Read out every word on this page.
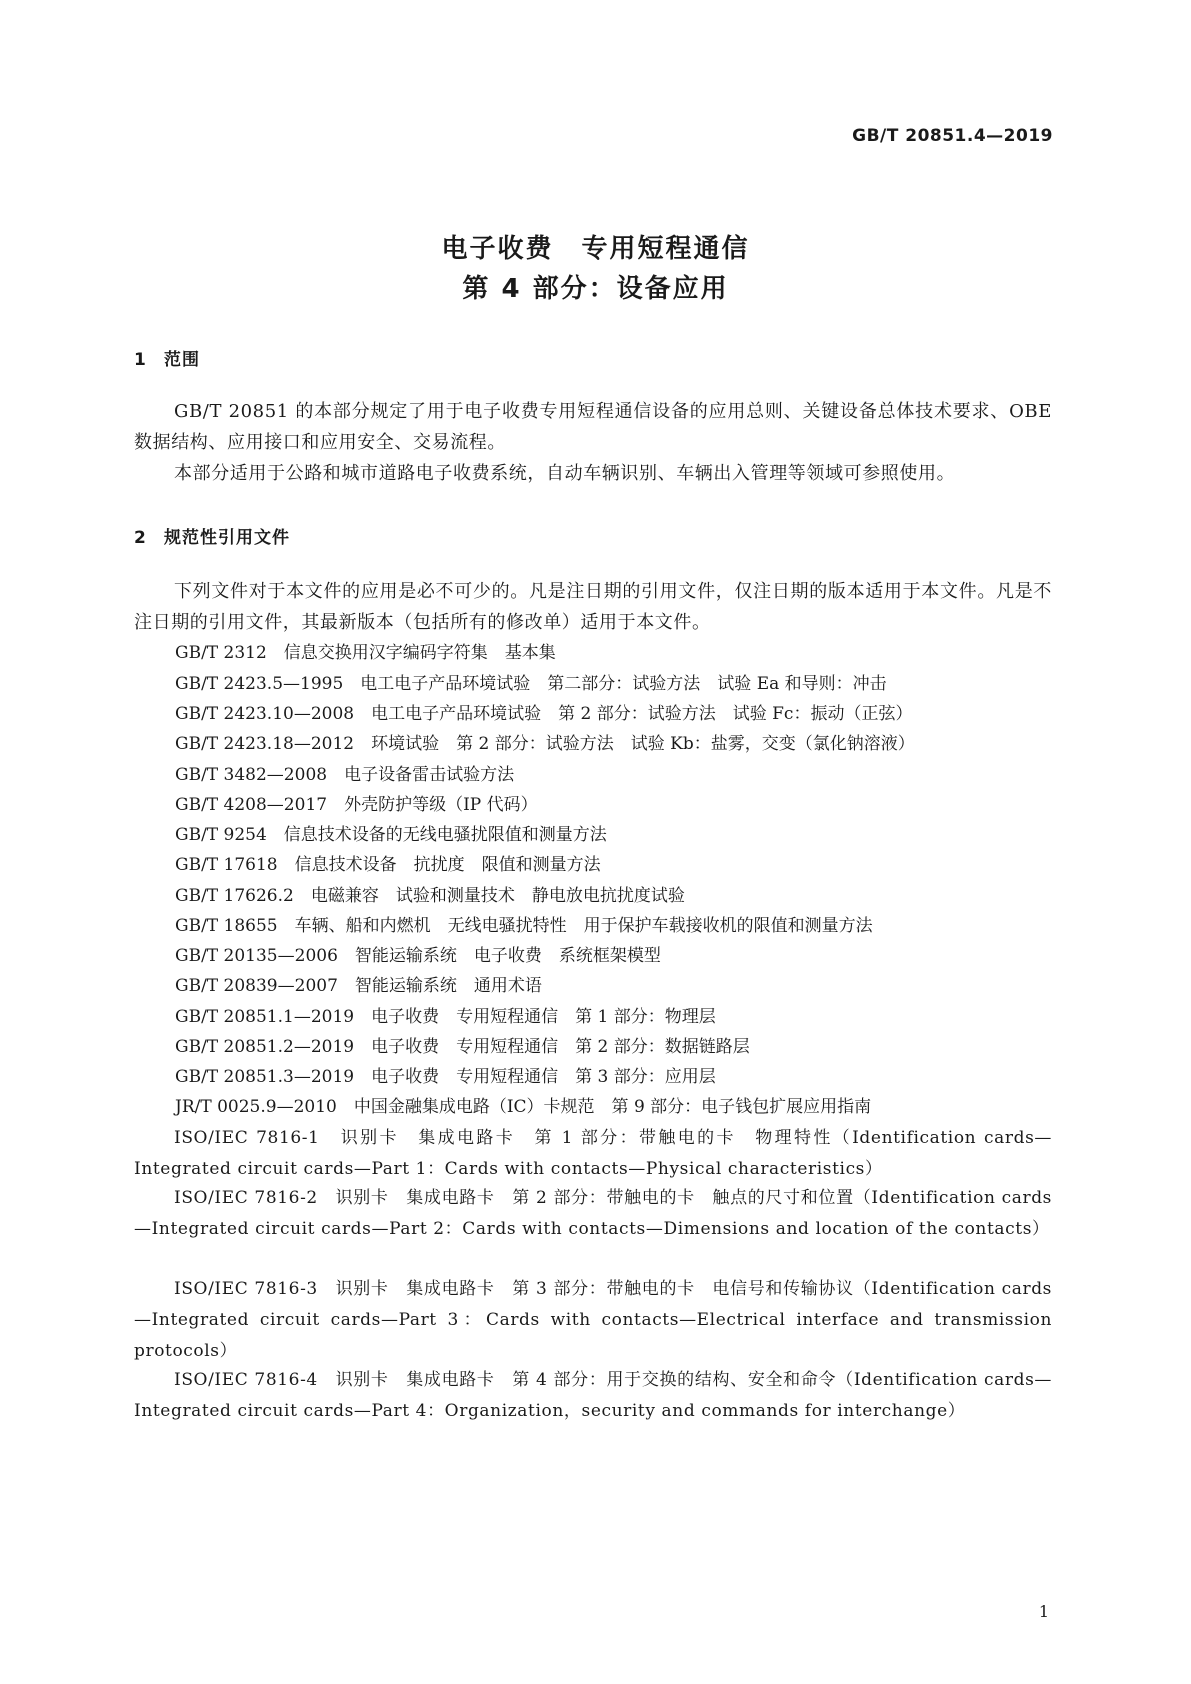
GB/T 20851.4—2019
电子收费　专用短程通信
第 4 部分：设备应用
1 范围
GB/T 20851 的本部分规定了用于电子收费专用短程通信设备的应用总则、关键设备总体技术要求、OBE 数据结构、应用接口和应用安全、交易流程。
本部分适用于公路和城市道路电子收费系统，自动车辆识别、车辆出入管理等领域可参照使用。
2 规范性引用文件
下列文件对于本文件的应用是必不可少的。凡是注日期的引用文件，仅注日期的版本适用于本文件。凡是不注日期的引用文件，其最新版本（包括所有的修改单）适用于本文件。
GB/T 2312　信息交换用汉字编码字符集　基本集
GB/T 2423.5—1995　电工电子产品环境试验　第二部分：试验方法　试验 Ea 和导则：冲击
GB/T 2423.10—2008　电工电子产品环境试验　第 2 部分：试验方法　试验 Fc：振动（正弦）
GB/T 2423.18—2012　环境试验　第 2 部分：试验方法　试验 Kb：盐雾，交变（氯化钠溶液）
GB/T 3482—2008　电子设备雷击试验方法
GB/T 4208—2017　外壳防护等级（IP 代码）
GB/T 9254　信息技术设备的无线电骚扰限值和测量方法
GB/T 17618　信息技术设备　抗扰度　限值和测量方法
GB/T 17626.2　电磁兼容　试验和测量技术　静电放电抗扰度试验
GB/T 18655　车辆、船和内燃机　无线电骚扰特性　用于保护车载接收机的限值和测量方法
GB/T 20135—2006　智能运输系统　电子收费　系统框架模型
GB/T 20839—2007　智能运输系统　通用术语
GB/T 20851.1—2019　电子收费　专用短程通信　第 1 部分：物理层
GB/T 20851.2—2019　电子收费　专用短程通信　第 2 部分：数据链路层
GB/T 20851.3—2019　电子收费　专用短程通信　第 3 部分：应用层
JR/T 0025.9—2010　中国金融集成电路（IC）卡规范　第 9 部分：电子钱包扩展应用指南
ISO/IEC 7816-1　识别卡　集成电路卡　第 1 部分：带触电的卡　物理特性（Identification cards—Integrated circuit cards—Part 1：Cards with contacts—Physical characteristics）
ISO/IEC 7816-2　识别卡　集成电路卡　第 2 部分：带触电的卡　触点的尺寸和位置（Identification cards—Integrated circuit cards—Part 2：Cards with contacts—Dimensions and location of the contacts）
ISO/IEC 7816-3　识别卡　集成电路卡　第 3 部分：带触电的卡　电信号和传输协议（Identification cards—Integrated circuit cards—Part 3：Cards with contacts—Electrical interface and transmission protocols）
ISO/IEC 7816-4　识别卡　集成电路卡　第 4 部分：用于交换的结构、安全和命令（Identification cards—Integrated circuit cards—Part 4：Organization，security and commands for interchange）
1
